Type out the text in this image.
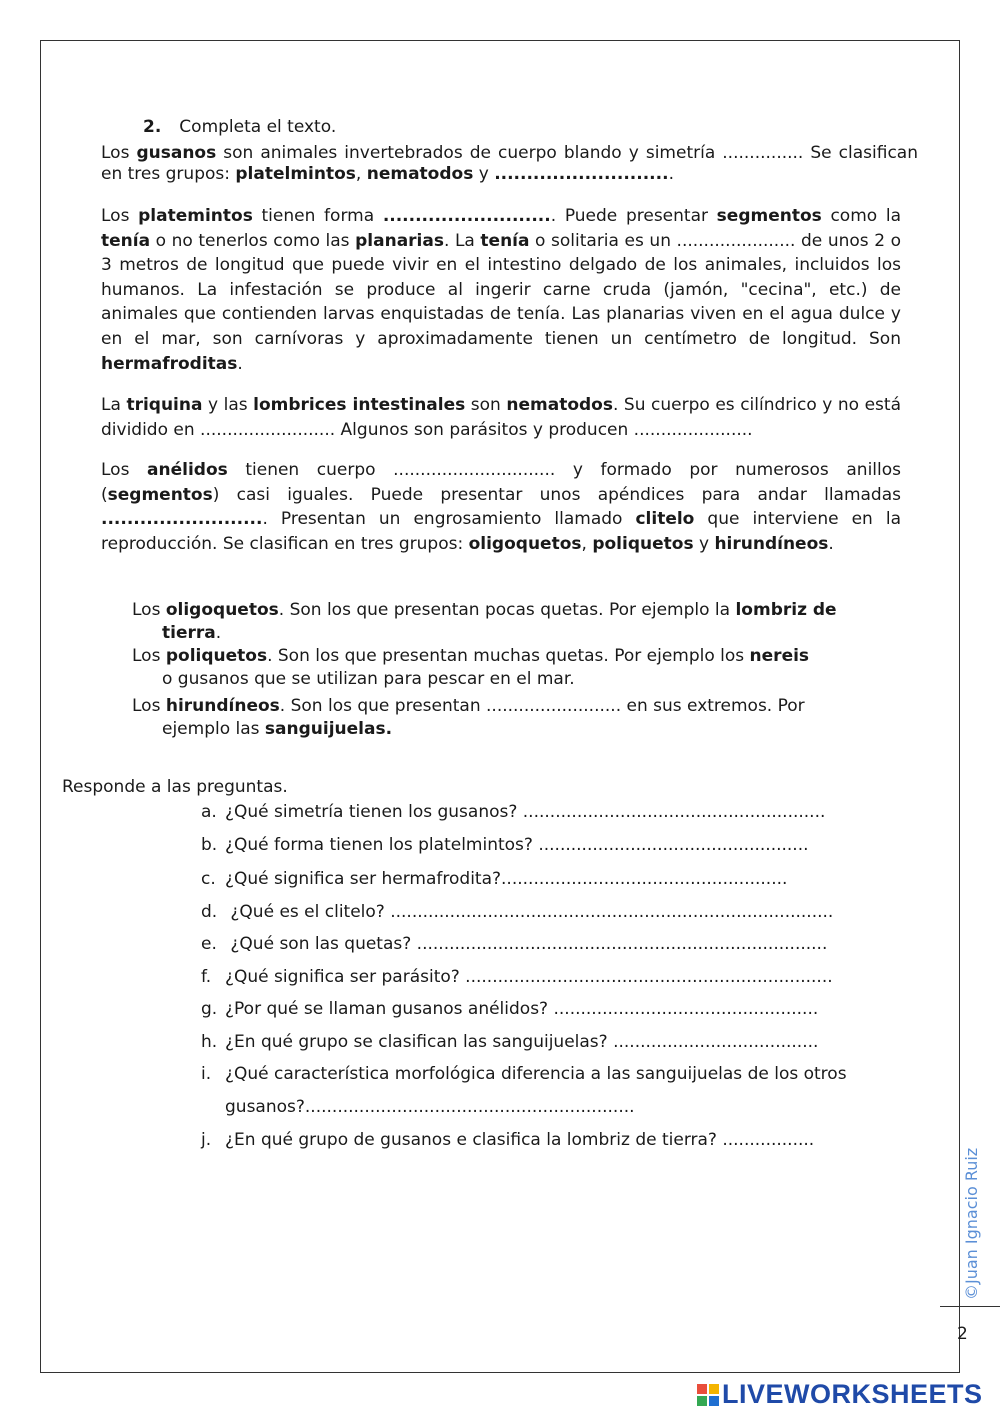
2. Completa el texto.

Los gusanos son animales invertebrados de cuerpo blando y simetría ............... Se clasifican en tres grupos: platelmintos, nematodos y ............................

Los platemintos tienen forma ........................... Puede presentar segmentos como la tenía o no tenerlos como las planarias. La tenía o solitaria es un ...................... de unos 2 o 3 metros de longitud que puede vivir en el intestino delgado de los animales, incluidos los humanos. La infestación se produce al ingerir carne cruda (jamón, "cecina", etc.) de animales que contienden larvas enquistadas de tenía. Las planarias viven en el agua dulce y en el mar, son carnívoras y aproximadamente tienen un centímetro de longitud. Son hermafroditas.

La triquina y las lombrices intestinales son nematodos. Su cuerpo es cilíndrico y no está dividido en ......................... Algunos son parásitos y producen ......................

Los anélidos tienen cuerpo .............................. y formado por numerosos anillos (segmentos) casi iguales. Puede presentar unos apéndices para andar llamadas .......................... Presentan un engrosamiento llamado clitelo que interviene en la reproducción. Se clasifican en tres grupos: oligoquetos, poliquetos y hirundíneos.

Los oligoquetos. Son los que presentan pocas quetas. Por ejemplo la lombriz de
tierra.
Los poliquetos. Son los que presentan muchas quetas. Por ejemplo los nereis
o gusanos que se utilizan para pescar en el mar.
Los hirundíneos. Son los que presentan ......................... en sus extremos. Por
ejemplo las sanguijuelas.
Responde a las preguntas.
a. ¿Qué simetría tienen los gusanos? ........................................................
b. ¿Qué forma tienen los platelmintos? ..................................................
c. ¿Qué significa ser hermafrodita?.....................................................
d. ¿Qué es el clitelo? ..................................................................................
e. ¿Qué son las quetas? ............................................................................
f. ¿Qué significa ser parásito? ....................................................................
g. ¿Por qué se llaman gusanos anélidos? .................................................
h. ¿En qué grupo se clasifican las sanguijuelas? ......................................
i. ¿Qué característica morfológica diferencia a las sanguijuelas de los otros
gusanos?.............................................................
j. ¿En qué grupo de gusanos e clasifica la lombriz de tierra? .................
©Juan Ignacio Ruiz
2
LIVEWORKSHEETS
